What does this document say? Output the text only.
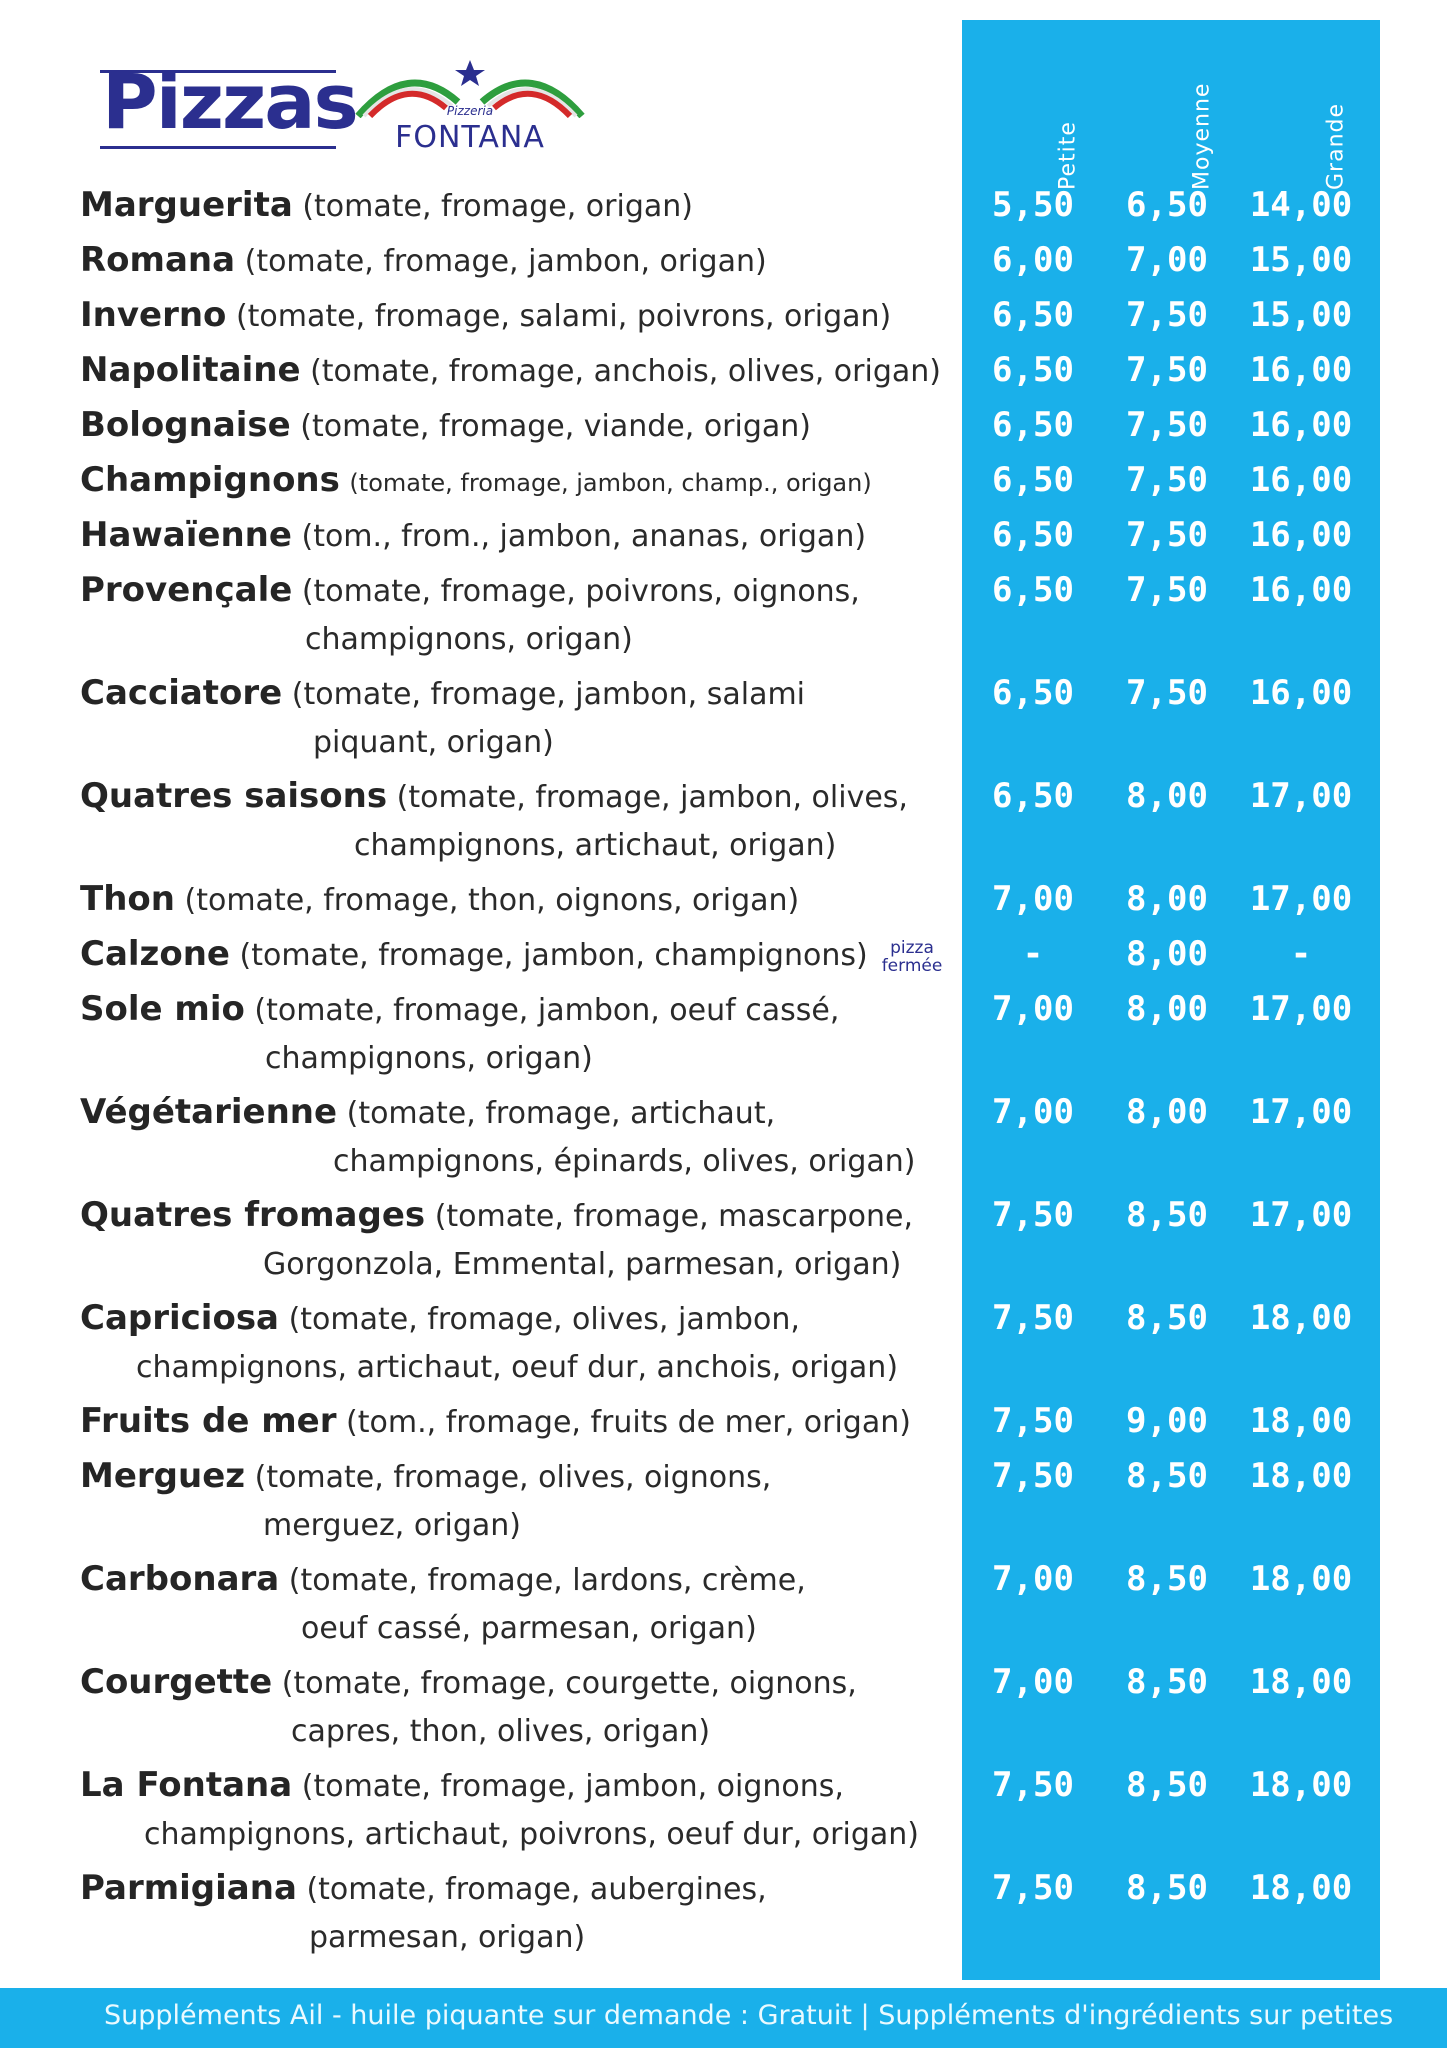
Petite	Moyenne	Grande
Pizzas	Pizzeria
FONTANA
Marguerita (tomate, fromage, origan)	5,50	6,50	14,00
Romana (tomate, fromage, jambon, origan)	6,00	7,00	15,00
Inverno (tomate, fromage, salami, poivrons, origan)	6,50	7,50	15,00
Napolitaine (tomate, fromage, anchois, olives, origan)	6,50	7,50	16,00
Bolognaise (tomate, fromage, viande, origan)	6,50	7,50	16,00
Champignons (tomate, fromage, jambon, champ., origan)	6,50	7,50	16,00
Hawaïenne (tom., from., jambon, ananas, origan)	6,50	7,50	16,00
Provençale (tomate, fromage, poivrons, oignons,
champignons, origan)
6,50	7,50	16,00
Cacciatore (tomate, fromage, jambon, salami
piquant, origan)
6,50	7,50	16,00
Quatres saisons (tomate, fromage, jambon, olives,
champignons, artichaut, origan)
6,50	8,00	17,00
Thon (tomate, fromage, thon, oignons, origan)	7,00	8,00	17,00
Calzone (tomate, fromage, jambon, champignons) pizza
fermée	-	8,00	-
Sole mio (tomate, fromage, jambon, oeuf cassé,
champignons, origan)
7,00	8,00	17,00
Végétarienne (tomate, fromage, artichaut,
champignons, épinards, olives, origan)
7,00	8,00	17,00
Quatres fromages (tomate, fromage, mascarpone,
Gorgonzola, Emmental, parmesan, origan)
7,50	8,50	17,00
Capriciosa (tomate, fromage, olives, jambon,
champignons, artichaut, oeuf dur, anchois, origan)
7,50	8,50	18,00
Fruits de mer (tom., fromage, fruits de mer, origan)	7,50	9,00	18,00
Merguez (tomate, fromage, olives, oignons,
merguez, origan)
7,50	8,50	18,00
Carbonara (tomate, fromage, lardons, crème,
oeuf cassé, parmesan, origan)
7,00	8,50	18,00
Courgette (tomate, fromage, courgette, oignons,
capres, thon, olives, origan)
7,00	8,50	18,00
La Fontana (tomate, fromage, jambon, oignons,
champignons, artichaut, poivrons, oeuf dur, origan)
7,50	8,50	18,00
Parmigiana (tomate, fromage, aubergines,
parmesan, origan)
7,50	8,50	18,00
Suppléments Ail - huile piquante sur demande : Gratuit | Suppléments d'ingrédients sur petites
